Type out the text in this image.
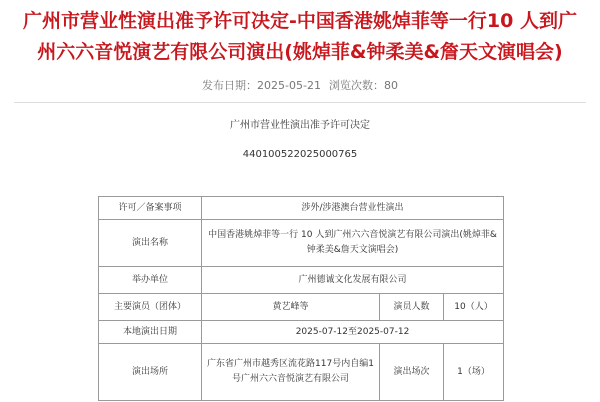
广州市营业性演出准予许可决定-中国香港姚焯菲等一行10 人到广州六六音悦演艺有限公司演出(姚焯菲&钟柔美&詹天文演唱会)
发布日期：2025-05-21 浏览次数：80
广州市营业性演出准予许可决定
440100522025000765
许可／备案事项	涉外/涉港澳台营业性演出		
演出名称	中国香港姚焯菲等一行 10 人到广州六六音悦演艺有限公司演出(姚焯菲&钟柔美&詹天文演唱会)		
举办单位	广州德诚文化发展有限公司		
主要演员（团体）	黄艺峰等	演员人数	10（人）
本地演出日期	2025-07-12至2025-07-12		
演出场所	广东省广州市越秀区流花路117号内自编1号广州六六音悦演艺有限公司	演出场次	1（场）
